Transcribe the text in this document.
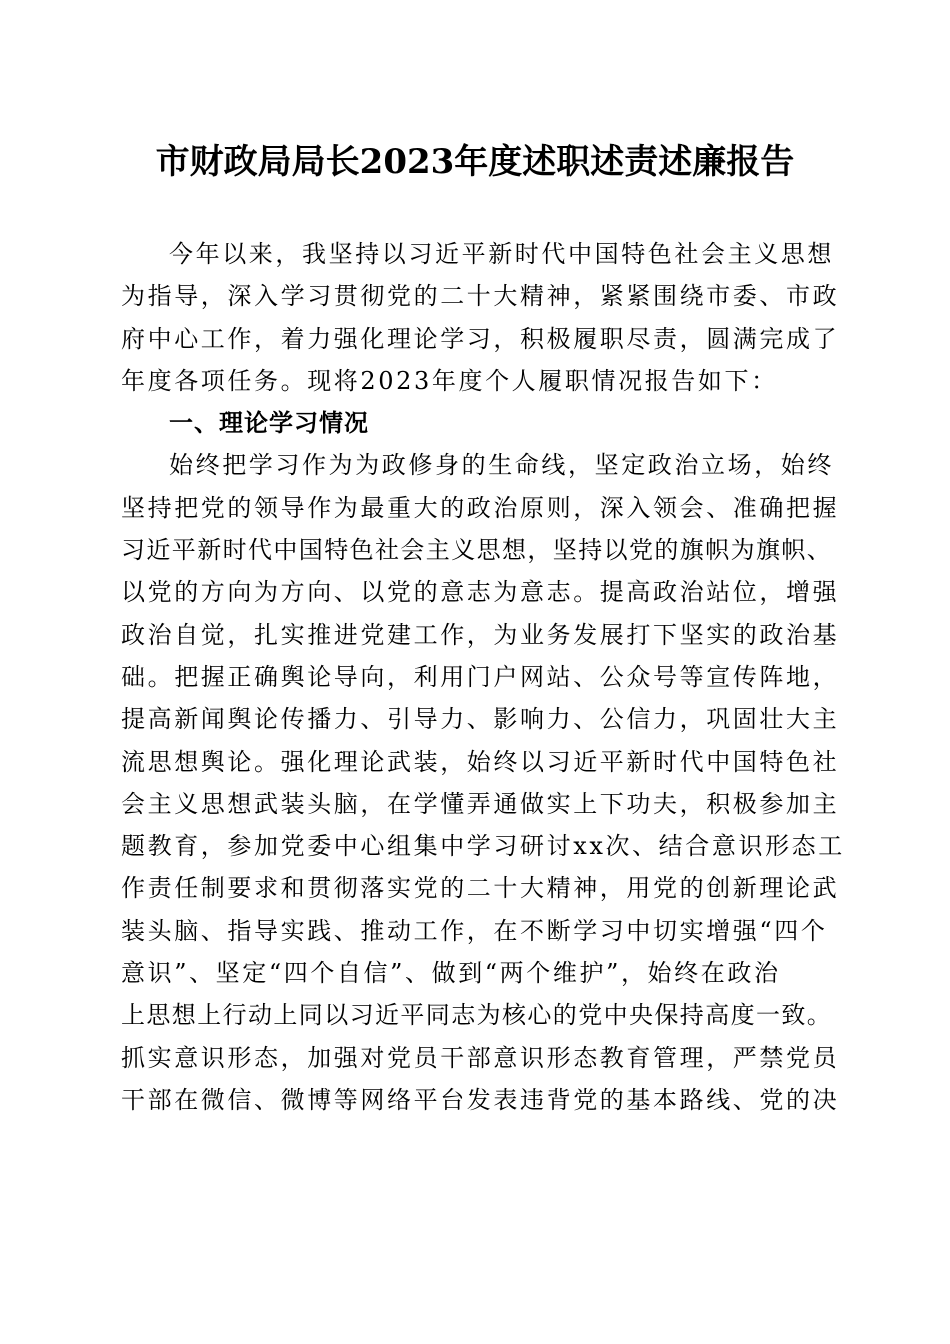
市财政局局长2023年度述职述责述廉报告
今年以来，我坚持以习近平新时代中国特色社会主义思想
为指导，深入学习贯彻党的二十大精神，紧紧围绕市委、市政
府中心工作，着力强化理论学习，积极履职尽责，圆满完成了
年度各项任务。现将2023年度个人履职情况报告如下：
一、理论学习情况
始终把学习作为为政修身的生命线，坚定政治立场，始终
坚持把党的领导作为最重大的政治原则，深入领会、准确把握
习近平新时代中国特色社会主义思想，坚持以党的旗帜为旗帜、
以党的方向为方向、以党的意志为意志。提高政治站位，增强
政治自觉，扎实推进党建工作，为业务发展打下坚实的政治基
础。把握正确舆论导向，利用门户网站、公众号等宣传阵地，
提高新闻舆论传播力、引导力、影响力、公信力，巩固壮大主
流思想舆论。强化理论武装，始终以习近平新时代中国特色社
会主义思想武装头脑，在学懂弄通做实上下功夫，积极参加主
题教育，参加党委中心组集中学习研讨xx次、结合意识形态工
作责任制要求和贯彻落实党的二十大精神，用党的创新理论武
装头脑、指导实践、推动工作，在不断学习中切实增强“四个
意识”、坚定“四个自信”、做到“两个维护”，始终在政治
上思想上行动上同以习近平同志为核心的党中央保持高度一致。
抓实意识形态，加强对党员干部意识形态教育管理，严禁党员
干部在微信、微博等网络平台发表违背党的基本路线、党的决
